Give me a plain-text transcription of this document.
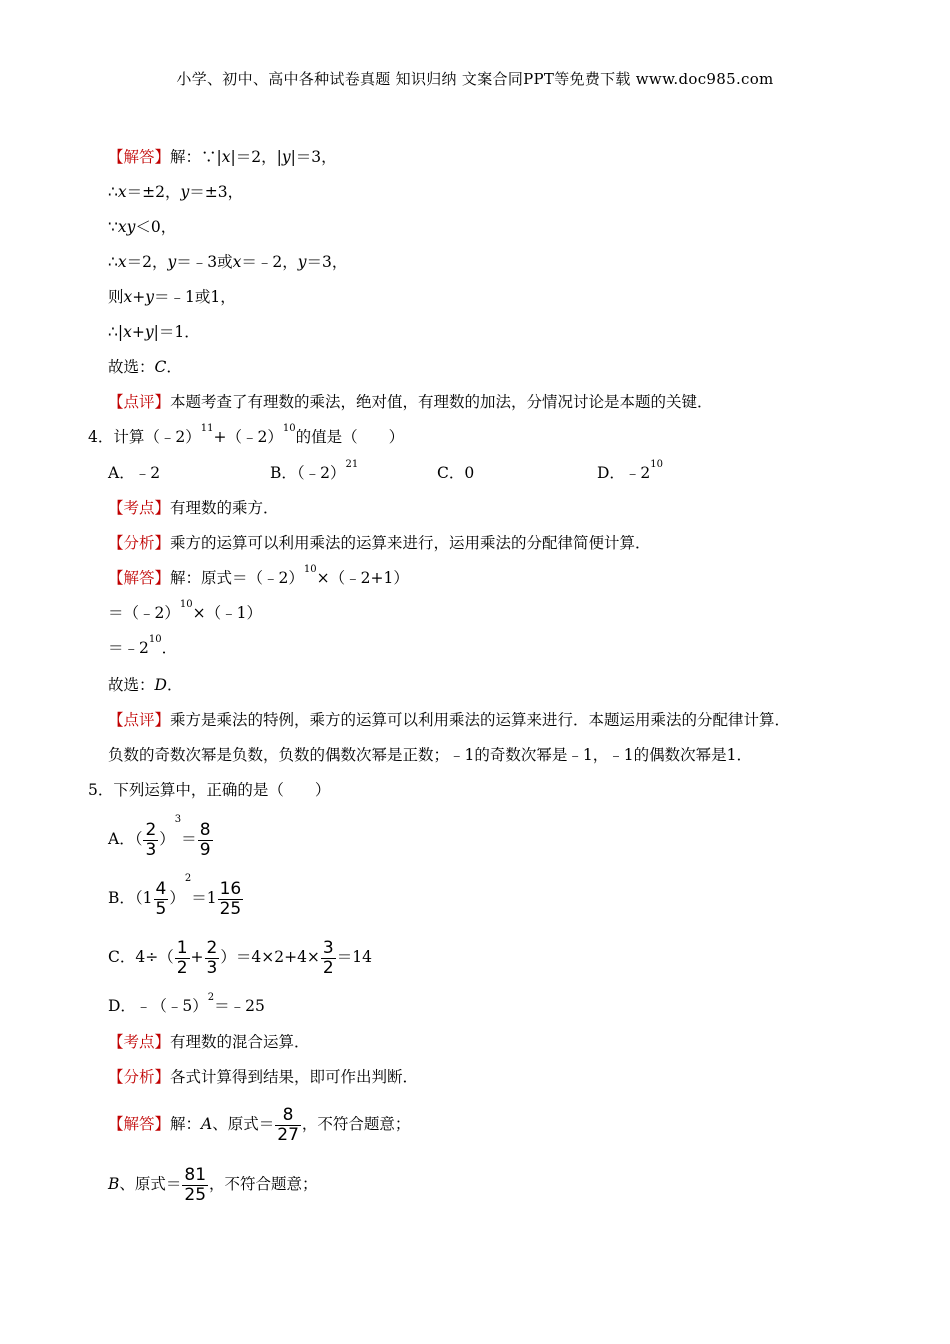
小学、初中、高中各种试卷真题 知识归纳 文案合同PPT等免费下载 www.doc985.com
【解答】解：∵|x|＝2，|y|＝3，
∴x＝±2，y＝±3，
∵xy＜0，
∴x＝2，y＝﹣3或x＝﹣2，y＝3，
则x+y＝﹣1或1，
∴|x+y|＝1．
故选：C．
【点评】本题考查了有理数的乘法，绝对值，有理数的加法，分情况讨论是本题的关键．
4．计算（﹣2）$^{11}$+（﹣2）$^{10}$的值是（　　）
A．﹣2	B．（﹣2）$^{21}$	C．0	D．$﹣2^{10}$
【考点】有理数的乘方．
【分析】乘方的运算可以利用乘法的运算来进行，运用乘法的分配律简便计算．
【解答】解：原式＝（﹣2）$^{10}$×（﹣2+1）
＝（﹣2）$^{10}$×（﹣1）
$=﹣2^{10}$．
故选：D．
【点评】乘方是乘法的特例，乘方的运算可以利用乘法的运算来进行．本题运用乘法的分配律计算．
负数的奇数次幂是负数，负数的偶数次幂是正数；﹣1的奇数次幂是﹣1，﹣1的偶数次幂是1．
5．下列运算中，正确的是（　　）
A．（ $\frac{2}{3} )^3= \frac{8}{9}$
B．$(1 \frac{4}{5} )^2=1 \frac{16}{25}$
C．$4\div( \frac{1}{2} + \frac{2}{3} )=4\times 2+4\times \frac{3}{2} =14$
D．﹣（﹣5）$^2$＝﹣25
【考点】有理数的混合运算．
【分析】各式计算得到结果，即可作出判断．
【解答】解：A、原式＝ $\frac{8}{27}$ ，不符合题意；
B、原式＝ $\frac{81}{25}$ ，不符合题意；
